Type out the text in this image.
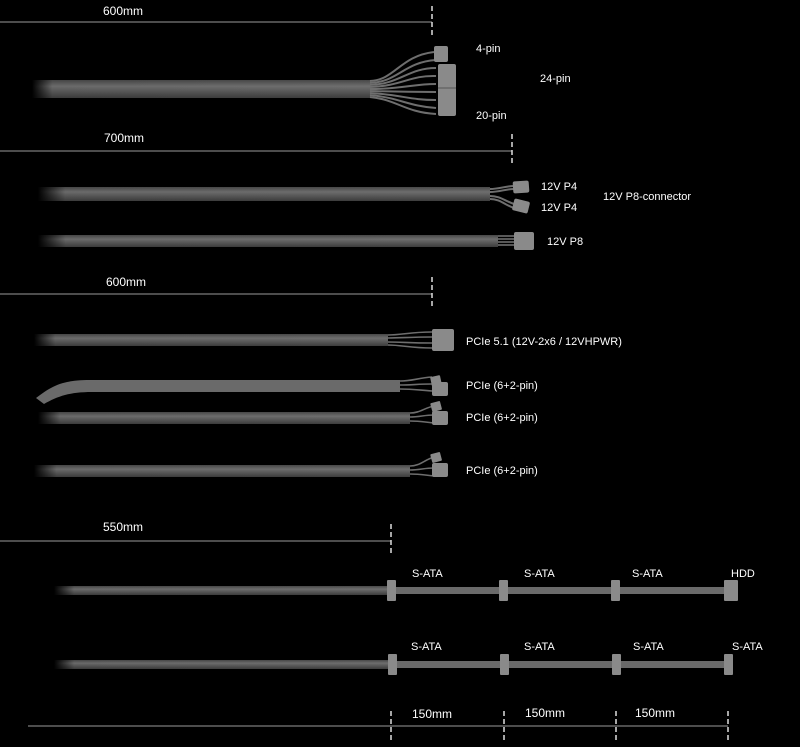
600mm
4-pin
24-pin
20-pin
700mm
12V P4
12V P4
12V P8-connector
12V P8
600mm
PCIe 5.1 (12V-2x6 / 12VHPWR)
PCIe (6+2-pin)
PCIe (6+2-pin)
PCIe (6+2-pin)
550mm
S-ATA	S-ATA	S-ATA	HDD
S-ATA	S-ATA	S-ATA	S-ATA
150mm	150mm	150mm
